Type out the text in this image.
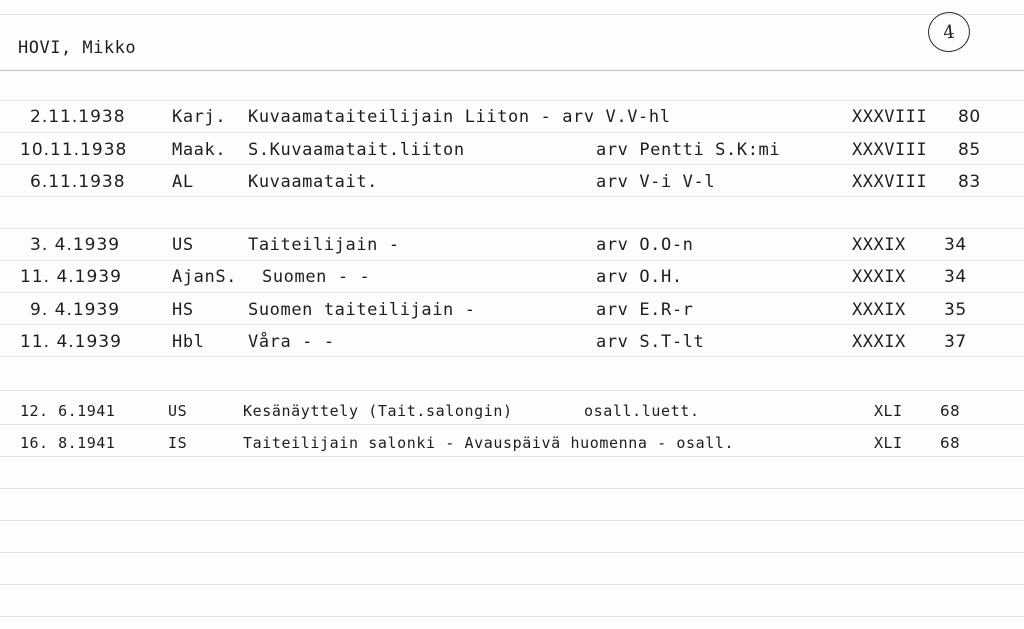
HOVI, Mikko
4
2.11.1938	Karj. Kuvaamataiteilijain Liiton - arv V.V-hl	XXXVIII 80
10.11.1938	Maak. S.Kuvaamatait.liiton	arv Pentti S.K:mi	XXXVIII 85
6.11.1938	AL	Kuvaamatait.	arv V-i V-l	XXXVIII 83
3. 4.1939	US	Taiteilijain -	arv O.O-n	XXXIX 34
11. 4.1939	AjanS. Suomen - -	arv O.H.	XXXIX 34
9. 4.1939	HS	Suomen taiteilijain -	arv E.R-r	XXXIX 35
11. 4.1939	Hbl	Våra - -	arv S.T-lt	XXXIX 37
12. 6.1941	US	Kesänäyttely (Tait.salongin)	osall.luett.	XLI 68
16. 8.1941	IS	Taiteilijain salonki - Avauspäivä huomenna - osall.	XLI 68
